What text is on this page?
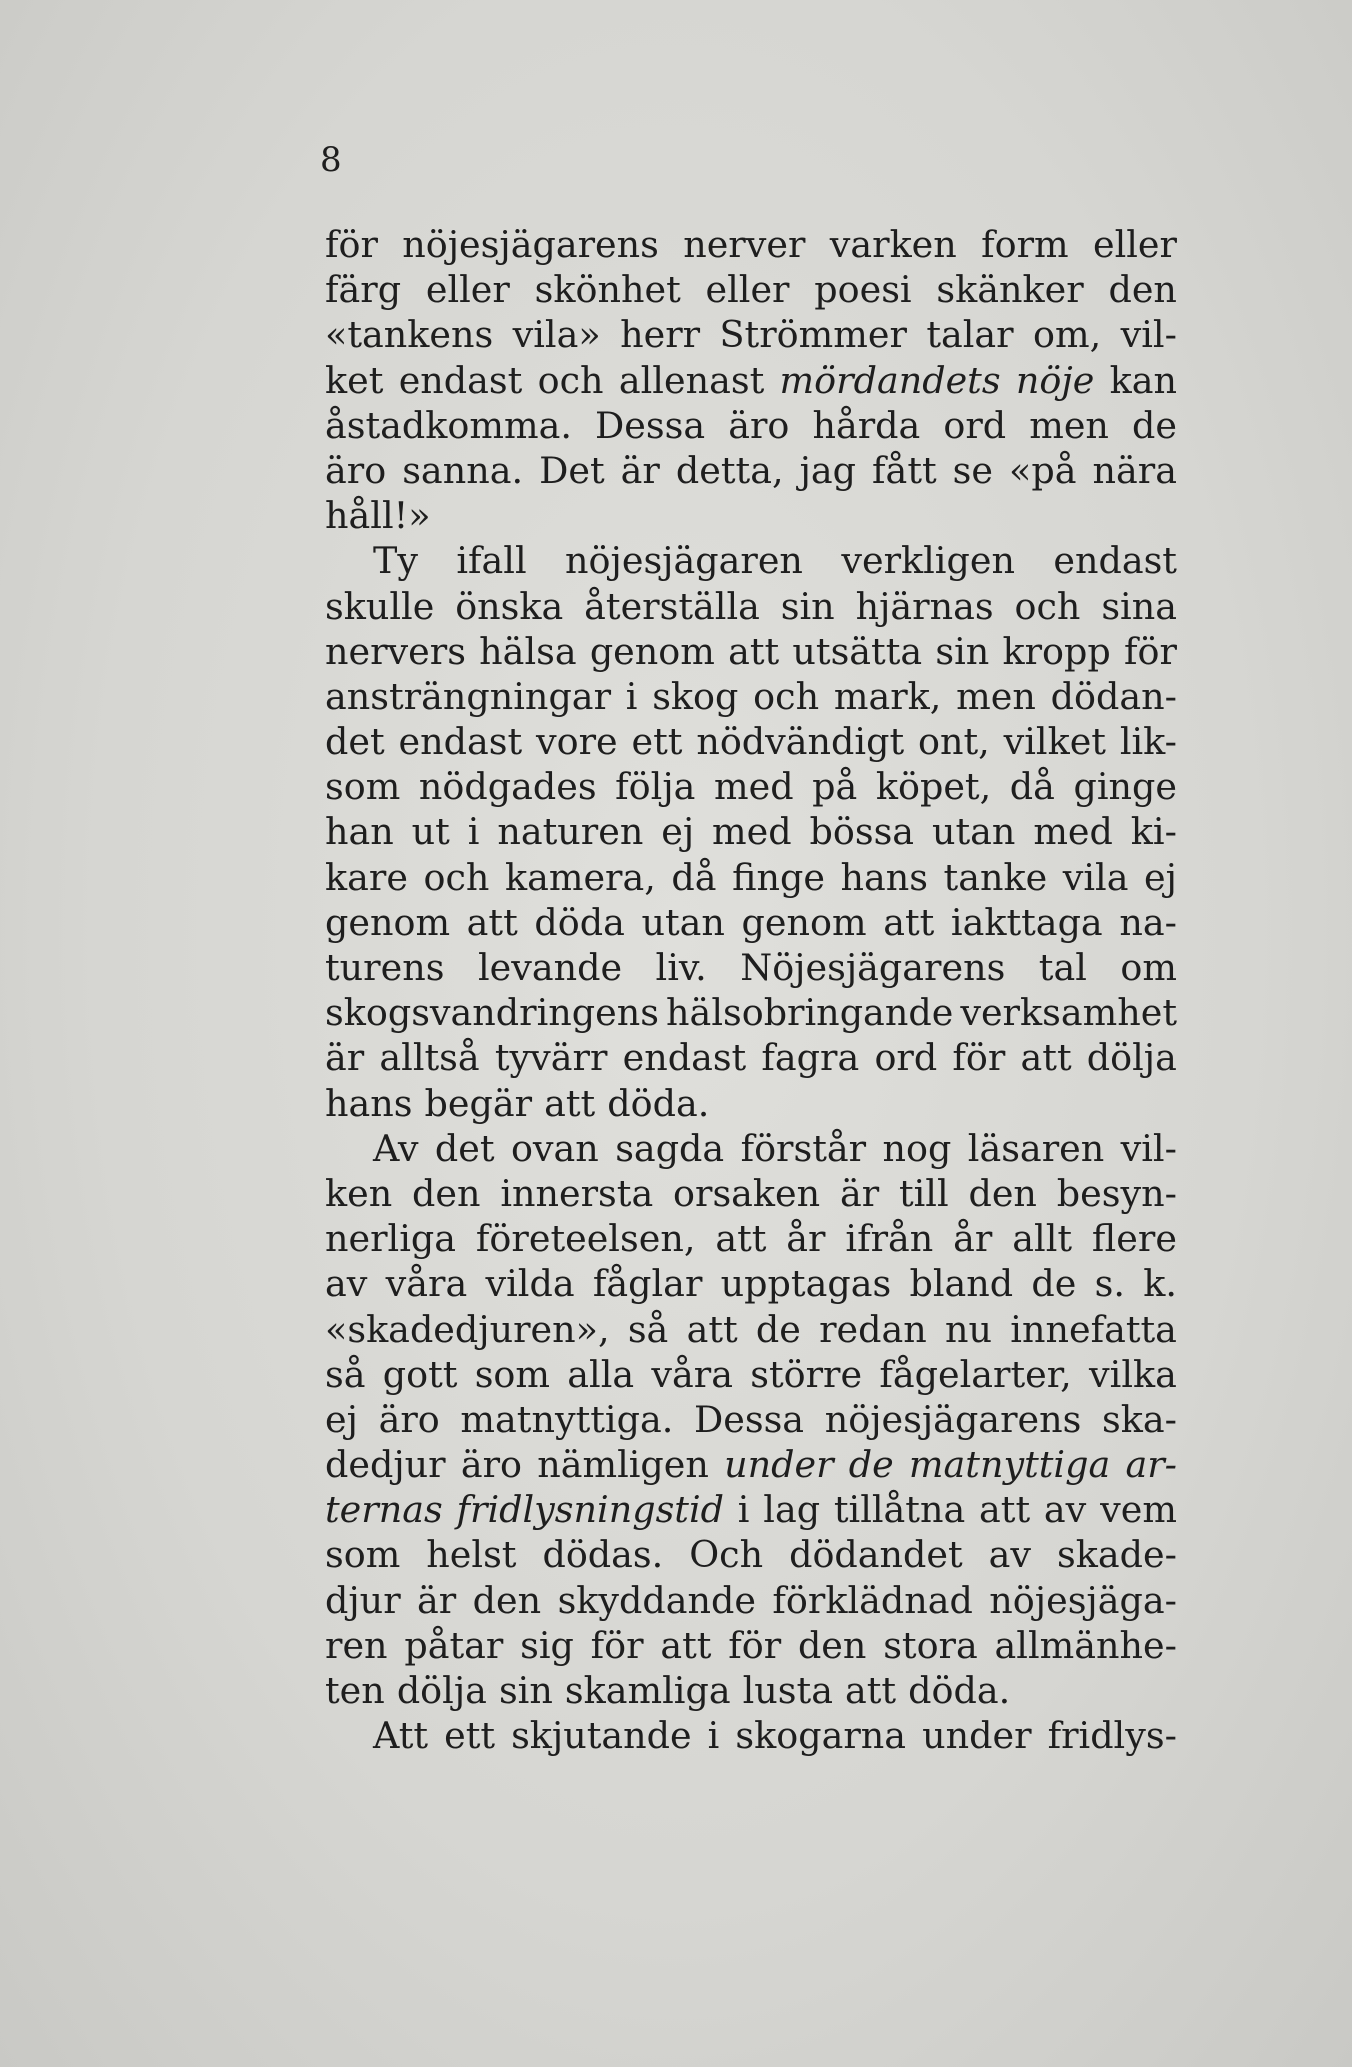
8
för nöjesjägarens nerver varken form eller
färg eller skönhet eller poesi skänker den
«tankens vila» herr Strömmer talar om, vil-
ket endast och allenast mördandets nöje kan
åstadkomma. Dessa äro hårda ord men de
äro sanna. Det är detta, jag fått se «på nära
håll!»
Ty ifall nöjesjägaren verkligen endast
skulle önska återställa sin hjärnas och sina
nervers hälsa genom att utsätta sin kropp för
ansträngningar i skog och mark, men dödan-
det endast vore ett nödvändigt ont, vilket lik-
som nödgades följa med på köpet, då ginge
han ut i naturen ej med bössa utan med ki-
kare och kamera, då finge hans tanke vila ej
genom att döda utan genom att iakttaga na-
turens levande liv. Nöjesjägarens tal om
skogsvandringens hälsobringande verksamhet
är alltså tyvärr endast fagra ord för att dölja
hans begär att döda.
Av det ovan sagda förstår nog läsaren vil-
ken den innersta orsaken är till den besyn-
nerliga företeelsen, att år ifrån år allt flere
av våra vilda fåglar upptagas bland de s. k.
«skadedjuren», så att de redan nu innefatta
så gott som alla våra större fågelarter, vilka
ej äro matnyttiga. Dessa nöjesjägarens ska-
dedjur äro nämligen under de matnyttiga ar-
ternas fridlysningstid i lag tillåtna att av vem
som helst dödas. Och dödandet av skade-
djur är den skyddande förklädnad nöjesjäga-
ren påtar sig för att för den stora allmänhe-
ten dölja sin skamliga lusta att döda.
Att ett skjutande i skogarna under fridlys-
